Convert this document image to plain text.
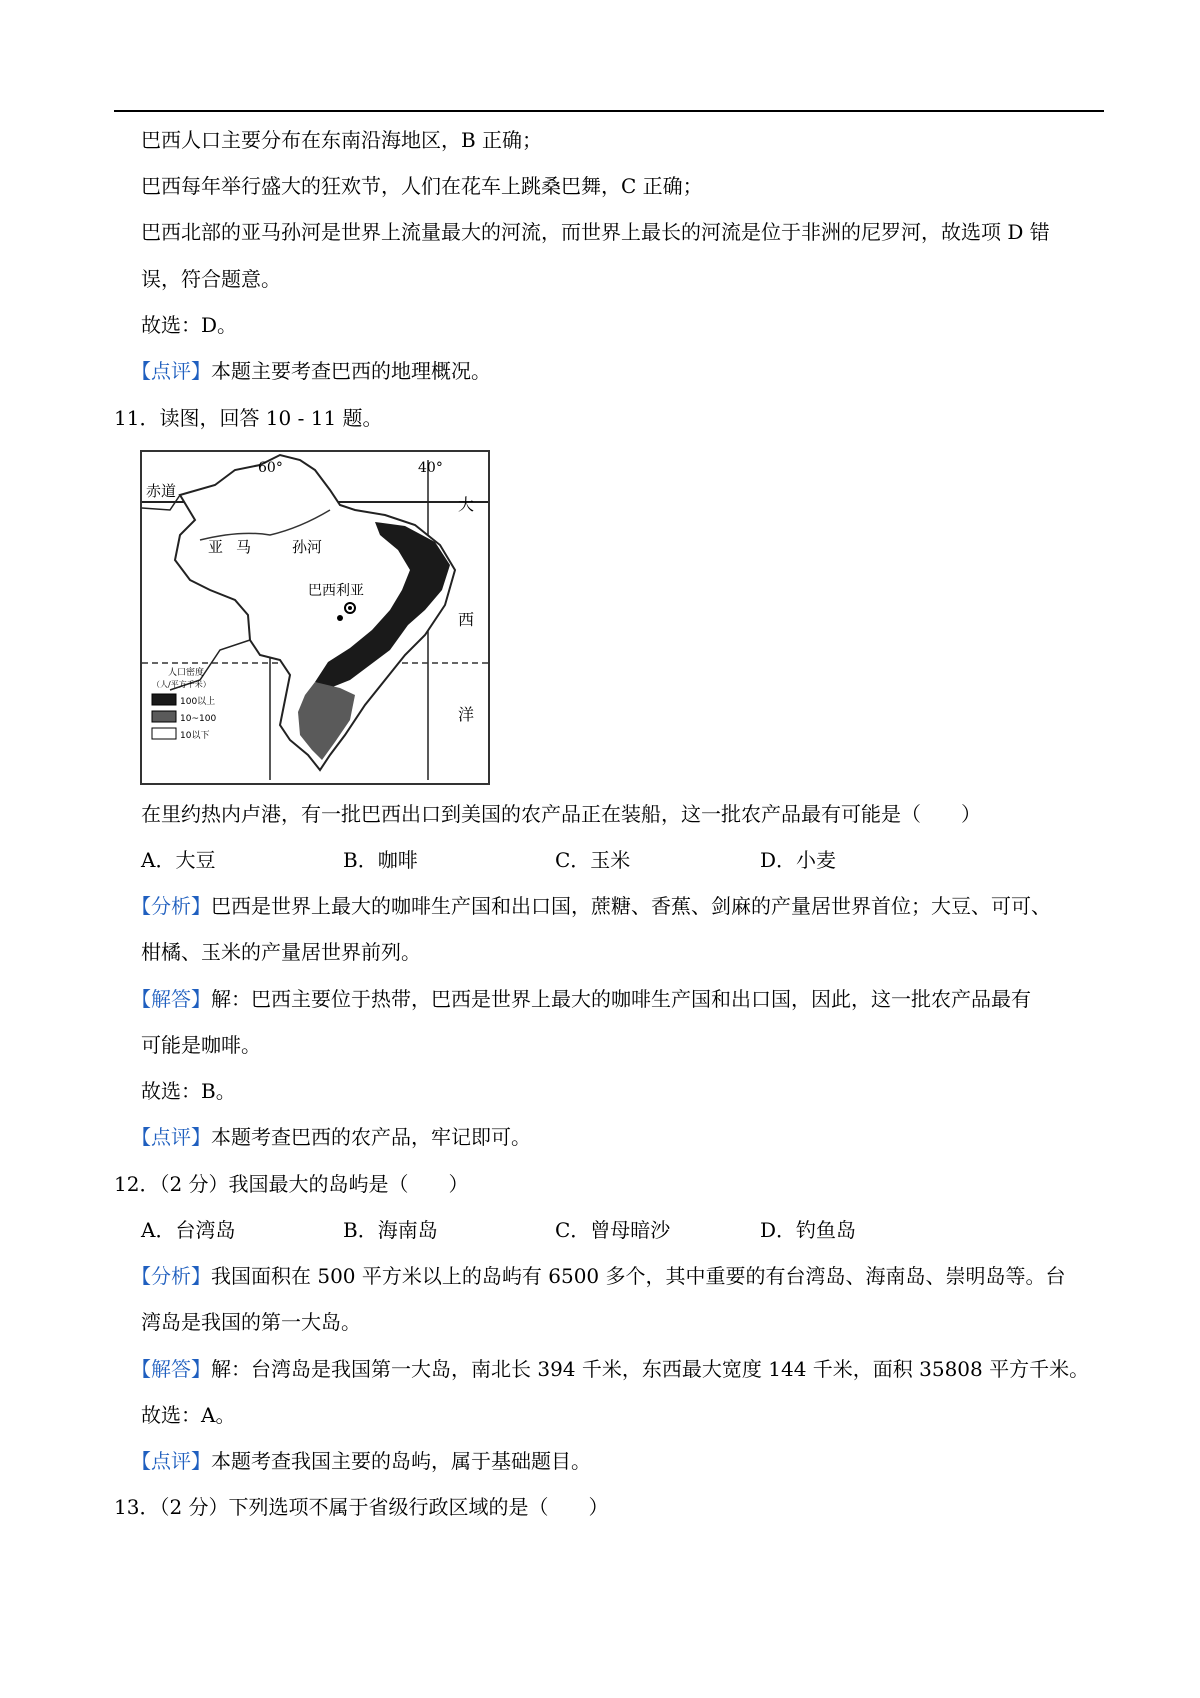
巴西人口主要分布在东南沿海地区，B 正确；
巴西每年举行盛大的狂欢节，人们在花车上跳桑巴舞，C 正确；
巴西北部的亚马孙河是世界上流量最大的河流，而世界上最长的河流是位于非洲的尼罗河，故选项 D 错
误，符合题意。
故选：D。
【点评】本题主要考查巴西的地理概况。
11．读图，回答 10 - 11 题。
60°	40°
赤道
亚 马	孙河
巴西利亚
大
西
洋
人口密度
（人/平方千米）
100以上
10~100
10以下
在里约热内卢港，有一批巴西出口到美国的农产品正在装船，这一批农产品最有可能是（　　）
A．大豆	B．咖啡	C．玉米	D．小麦
【分析】巴西是世界上最大的咖啡生产国和出口国，蔗糖、香蕉、剑麻的产量居世界首位；大豆、可可、
柑橘、玉米的产量居世界前列。
【解答】解：巴西主要位于热带，巴西是世界上最大的咖啡生产国和出口国，因此，这一批农产品最有
可能是咖啡。
故选：B。
【点评】本题考查巴西的农产品，牢记即可。
12．（2 分）我国最大的岛屿是（　　）
A．台湾岛	B．海南岛	C．曾母暗沙	D．钓鱼岛
【分析】我国面积在 500 平方米以上的岛屿有 6500 多个，其中重要的有台湾岛、海南岛、崇明岛等。台
湾岛是我国的第一大岛。
【解答】解：台湾岛是我国第一大岛，南北长 394 千米，东西最大宽度 144 千米，面积 35808 平方千米。
故选：A。
【点评】本题考查我国主要的岛屿，属于基础题目。
13．（2 分）下列选项不属于省级行政区域的是（　　）
